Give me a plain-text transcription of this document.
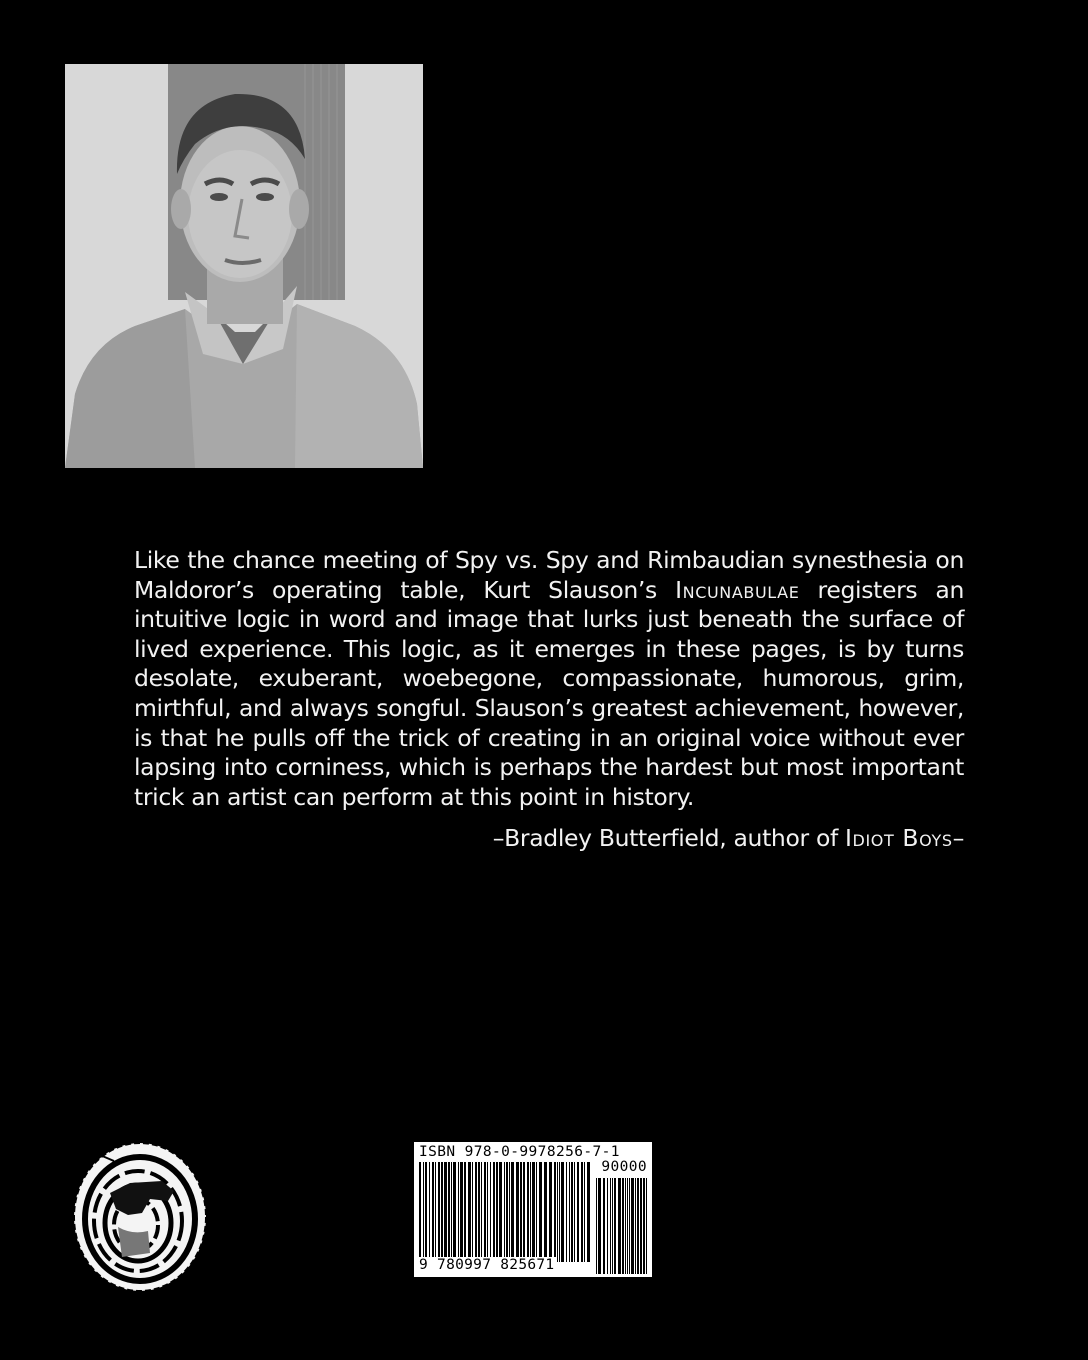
Like the chance meeting of Spy vs. Spy and Rimbaudian synesthesia on Maldoror’s operating table, Kurt Slauson’s Incunabulae registers an intuitive logic in word and image that lurks just beneath the surface of lived experience. This logic, as it emerges in these pages, is by turns desolate, exuberant, woebegone, compassionate, humorous, grim, mirthful, and always songful. Slauson’s greatest achievement, however, is that he pulls off the trick of creating in an original voice without ever lapsing into corniness, which is perhaps the hardest but most important trick an artist can perform at this point in history.

–Bradley Butterfield, author of Idiot Boys–
ISBN 978-0-9978256-7-1
90000
9 780997 825671
